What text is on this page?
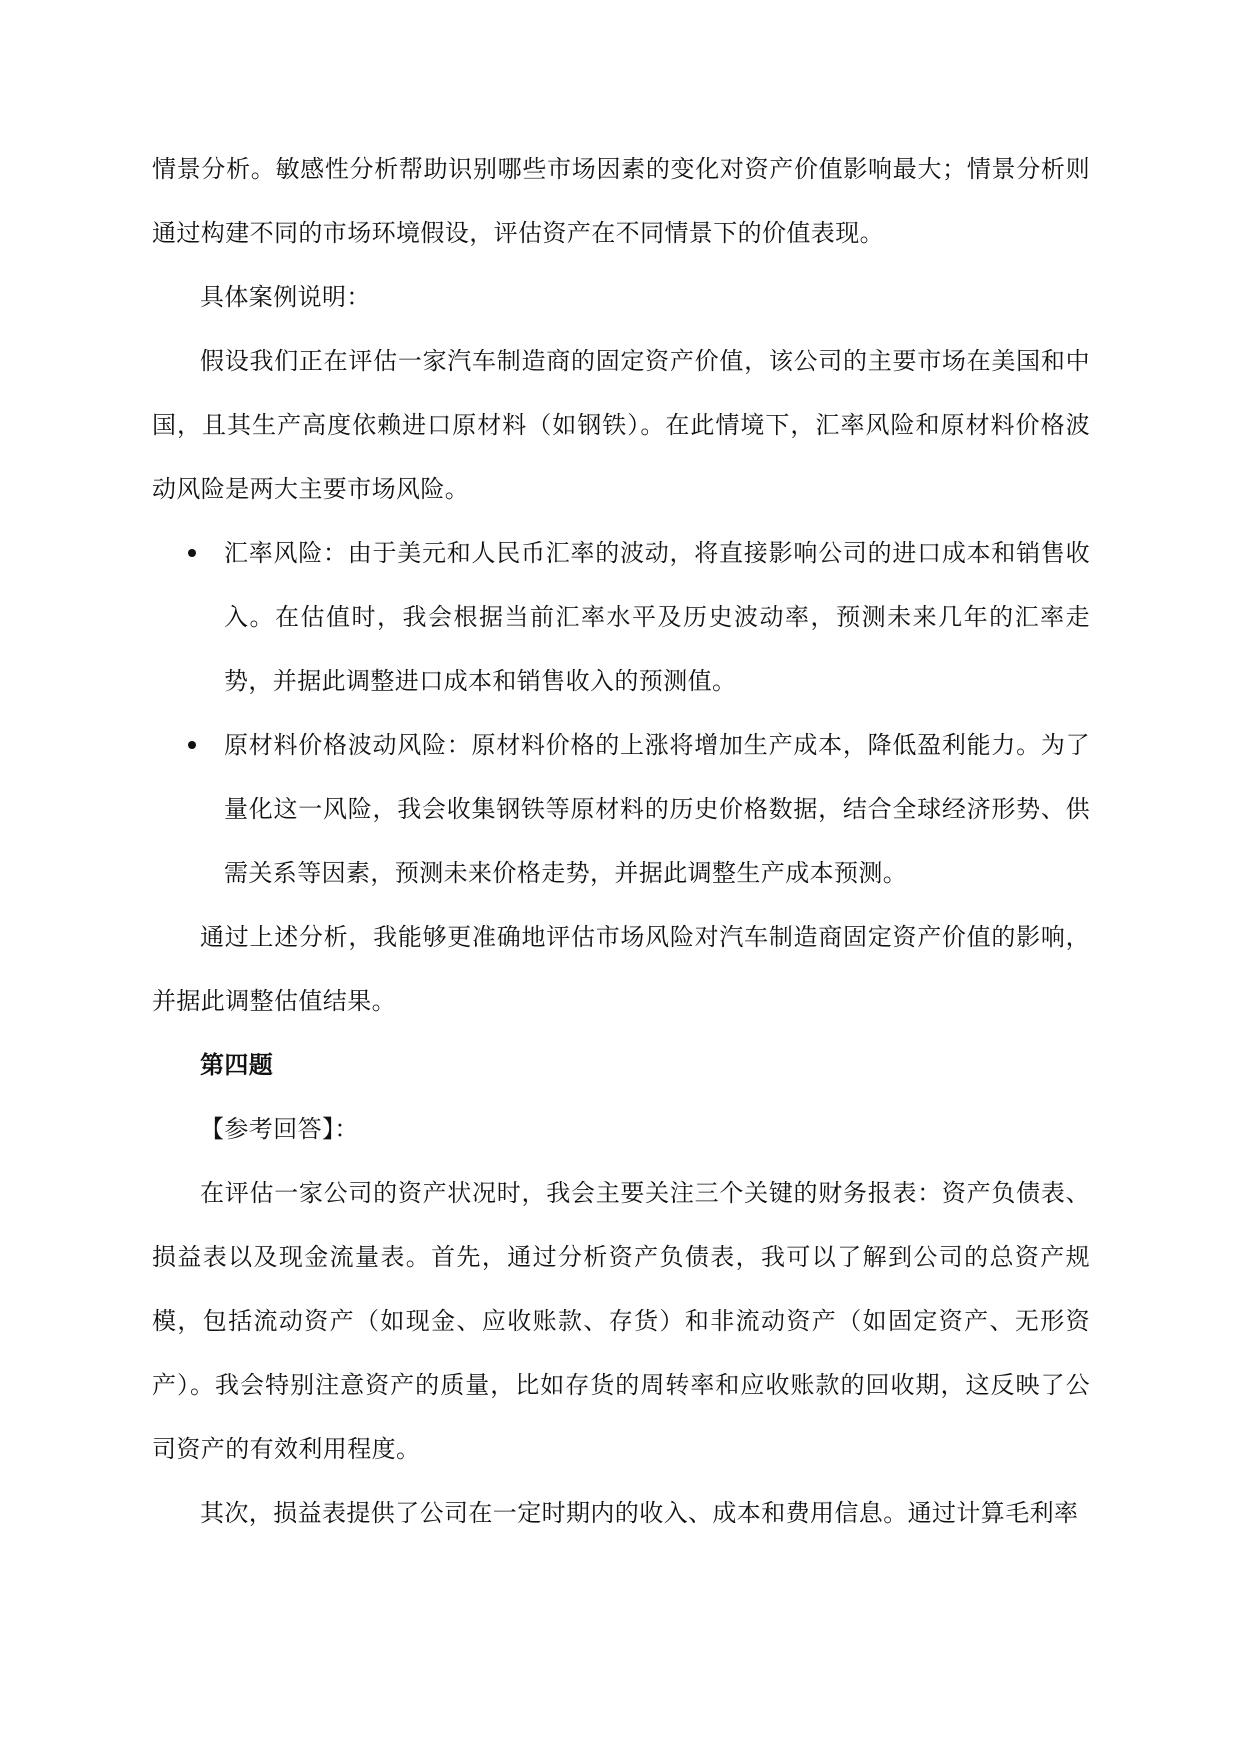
情景分析。敏感性分析帮助识别哪些市场因素的变化对资产价值影响最大；情景分析则通过构建不同的市场环境假设，评估资产在不同情景下的价值表现。

具体案例说明：

假设我们正在评估一家汽车制造商的固定资产价值，该公司的主要市场在美国和中国，且其生产高度依赖进口原材料（如钢铁）。在此情境下，汇率风险和原材料价格波动风险是两大主要市场风险。

汇率风险：由于美元和人民币汇率的波动，将直接影响公司的进口成本和销售收入。在估值时，我会根据当前汇率水平及历史波动率，预测未来几年的汇率走势，并据此调整进口成本和销售收入的预测值。
原材料价格波动风险：原材料价格的上涨将增加生产成本，降低盈利能力。为了量化这一风险，我会收集钢铁等原材料的历史价格数据，结合全球经济形势、供需关系等因素，预测未来价格走势，并据此调整生产成本预测。

通过上述分析，我能够更准确地评估市场风险对汽车制造商固定资产价值的影响，并据此调整估值结果。

第四题

【参考回答】：

在评估一家公司的资产状况时，我会主要关注三个关键的财务报表：资产负债表、损益表以及现金流量表。首先，通过分析资产负债表，我可以了解到公司的总资产规模，包括流动资产（如现金、应收账款、存货）和非流动资产（如固定资产、无形资产）。我会特别注意资产的质量，比如存货的周转率和应收账款的回收期，这反映了公司资产的有效利用程度。

其次，损益表提供了公司在一定时期内的收入、成本和费用信息。通过计算毛利率
